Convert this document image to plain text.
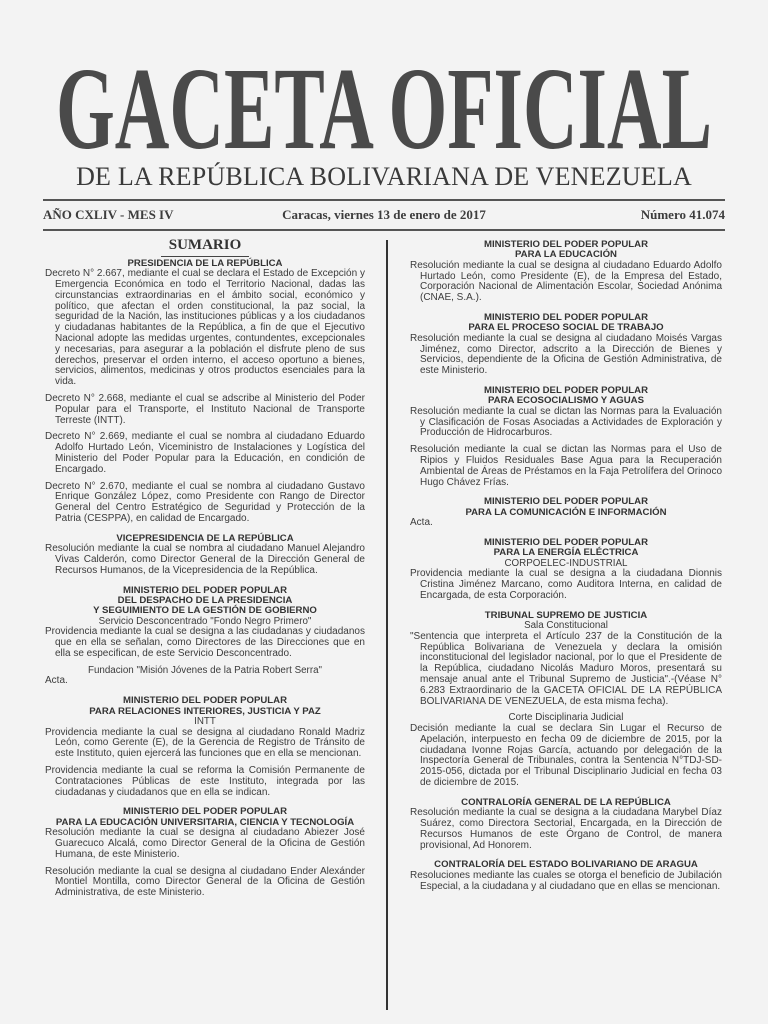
GACETA OFICIAL
DE LA REPÚBLICA BOLIVARIANA DE VENEZUELA
AÑO CXLIV - MES IV	Caracas, viernes 13 de enero de 2017	Número 41.074
SUMARIO
PRESIDENCIA DE LA REPÚBLICA
Decreto N° 2.667, mediante el cual se declara el Estado de Excepción y Emergencia Económica en todo el Territorio Nacional, dadas las circunstancias extraordinarias en el ámbito social, económico y político, que afectan el orden constitucional, la paz social, la seguridad de la Nación, las instituciones públicas y a los ciudadanos y ciudadanas habitantes de la República, a fin de que el Ejecutivo Nacional adopte las medidas urgentes, contundentes, excepcionales y necesarias, para asegurar a la población el disfrute pleno de sus derechos, preservar el orden interno, el acceso oportuno a bienes, servicios, alimentos, medicinas y otros productos esenciales para la vida.
Decreto N° 2.668, mediante el cual se adscribe al Ministerio del Poder Popular para el Transporte, el Instituto Nacional de Transporte Terreste (INTT).
Decreto N° 2.669, mediante el cual se nombra al ciudadano Eduardo Adolfo Hurtado León, Viceministro de Instalaciones y Logística del Ministerio del Poder Popular para la Educación, en condición de Encargado.
Decreto N° 2.670, mediante el cual se nombra al ciudadano Gustavo Enrique González López, como Presidente con Rango de Director General del Centro Estratégico de Seguridad y Protección de la Patria (CESPPA), en calidad de Encargado.
VICEPRESIDENCIA DE LA REPÚBLICA
Resolución mediante la cual se nombra al ciudadano Manuel Alejandro Vivas Calderón, como Director General de la Dirección General de Recursos Humanos, de la Vicepresidencia de la República.
MINISTERIO DEL PODER POPULAR
DEL DESPACHO DE LA PRESIDENCIA
Y SEGUIMIENTO DE LA GESTIÓN DE GOBIERNO
Servicio Desconcentrado "Fondo Negro Primero"
Providencia mediante la cual se designa a las ciudadanas y ciudadanos que en ella se señalan, como Directores de las Direcciones que en ella se especifican, de este Servicio Desconcentrado.
Fundacion "Misión Jóvenes de la Patria Robert Serra"
Acta.
MINISTERIO DEL PODER POPULAR
PARA RELACIONES INTERIORES, JUSTICIA Y PAZ
INTT
Providencia mediante la cual se designa al ciudadano Ronald Madriz León, como Gerente (E), de la Gerencia de Registro de Tránsito de este Instituto, quien ejercerá las funciones que en ella se mencionan.
Providencia mediante la cual se reforma la Comisión Permanente de Contrataciones Públicas de este Instituto, integrada por las ciudadanas y ciudadanos que en ella se indican.
MINISTERIO DEL PODER POPULAR
PARA LA EDUCACIÓN UNIVERSITARIA, CIENCIA Y TECNOLOGÍA
Resolución mediante la cual se designa al ciudadano Abiezer José Guarecuco Alcalá, como Director General de la Oficina de Gestión Humana, de este Ministerio.
Resolución mediante la cual se designa al ciudadano Ender Alexánder Montiel Montilla, como Director General de la Oficina de Gestión Administrativa, de este Ministerio.
MINISTERIO DEL PODER POPULAR
PARA LA EDUCACIÓN
Resolución mediante la cual se designa al ciudadano Eduardo Adolfo Hurtado León, como Presidente (E), de la Empresa del Estado, Corporación Nacional de Alimentación Escolar, Sociedad Anónima (CNAE, S.A.).
MINISTERIO DEL PODER POPULAR
PARA EL PROCESO SOCIAL DE TRABAJO
Resolución mediante la cual se designa al ciudadano Moisés Vargas Jiménez, como Director, adscrito a la Dirección de Bienes y Servicios, dependiente de la Oficina de Gestión Administrativa, de este Ministerio.
MINISTERIO DEL PODER POPULAR
PARA ECOSOCIALISMO Y AGUAS
Resolución mediante la cual se dictan las Normas para la Evaluación y Clasificación de Fosas Asociadas a Actividades de Exploración y Producción de Hidrocarburos.
Resolución mediante la cual se dictan las Normas para el Uso de Ripios y Fluidos Residuales Base Agua para la Recuperación Ambiental de Áreas de Préstamos en la Faja Petrolífera del Orinoco Hugo Chávez Frías.
MINISTERIO DEL PODER POPULAR
PARA LA COMUNICACIÓN E INFORMACIÓN
Acta.
MINISTERIO DEL PODER POPULAR
PARA LA ENERGÍA ELÉCTRICA
CORPOELEC-INDUSTRIAL
Providencia mediante la cual se designa a la ciudadana Dionnis Cristina Jiménez Marcano, como Auditora Interna, en calidad de Encargada, de esta Corporación.
TRIBUNAL SUPREMO DE JUSTICIA
Sala Constitucional
"Sentencia que interpreta el Artículo 237 de la Constitución de la República Bolivariana de Venezuela y declara la omisión inconstitucional del legislador nacional, por lo que el Presidente de la República, ciudadano Nicolás Maduro Moros, presentará su mensaje anual ante el Tribunal Supremo de Justicia".-(Véase N° 6.283 Extraordinario de la GACETA OFICIAL DE LA REPÚBLICA BOLIVARIANA DE VENEZUELA, de esta misma fecha).
Corte Disciplinaria Judicial
Decisión mediante la cual se declara Sin Lugar el Recurso de Apelación, interpuesto en fecha 09 de diciembre de 2015, por la ciudadana Ivonne Rojas García, actuando por delegación de la Inspectoría General de Tribunales, contra la Sentencia N°TDJ-SD-2015-056, dictada por el Tribunal Disciplinario Judicial en fecha 03 de diciembre de 2015.
CONTRALORÍA GENERAL DE LA REPÚBLICA
Resolución mediante la cual se designa a la ciudadana Marybel Díaz Suárez, como Directora Sectorial, Encargada, en la Dirección de Recursos Humanos de este Órgano de Control, de manera provisional, Ad Honorem.
CONTRALORÍA DEL ESTADO BOLIVARIANO DE ARAGUA
Resoluciones mediante las cuales se otorga el beneficio de Jubilación Especial, a la ciudadana y al ciudadano que en ellas se mencionan.
